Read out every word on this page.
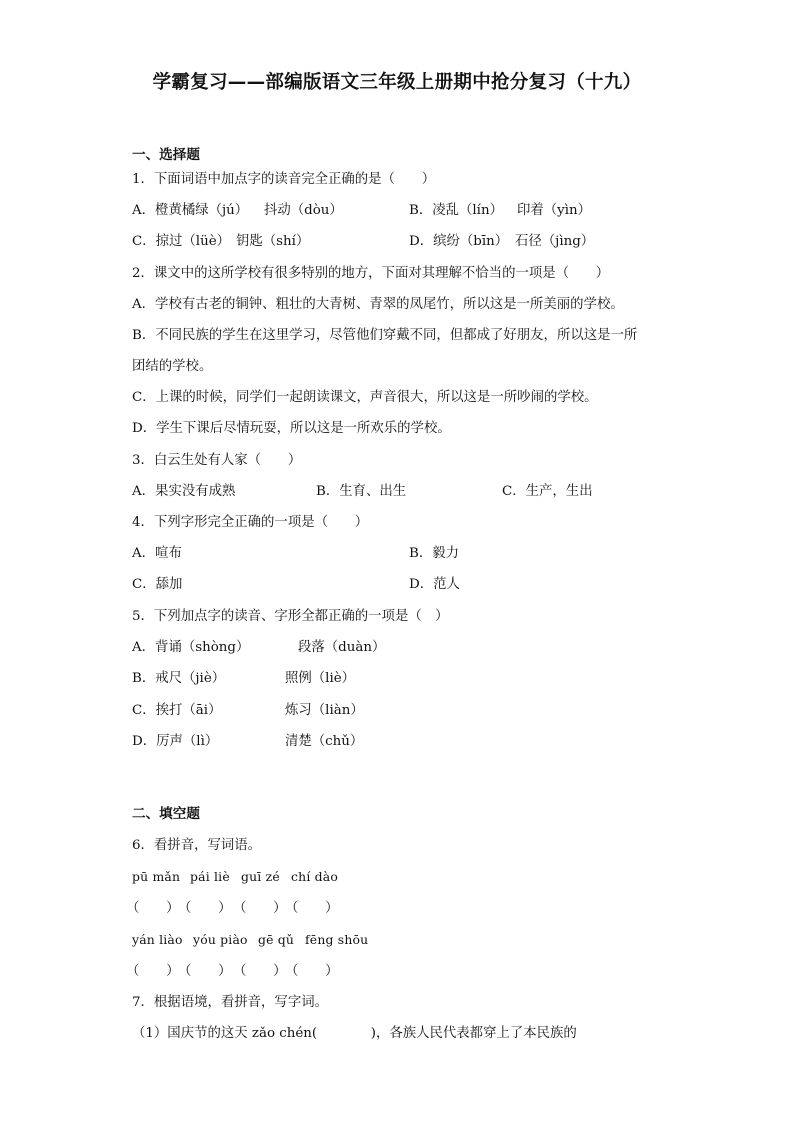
学霸复习——部编版语文三年级上册期中抢分复习（十九）
一、选择题
1．下面词语中加点字的读音完全正确的是（　　）
A．橙黄橘绿（jú） 抖动（dòu）	B．凌乱（lín） 印着（yìn）
C．掠过（lüè） 钥匙（shí）	D．缤纷（bīn） 石径（jìng）
2．课文中的这所学校有很多特别的地方，下面对其理解不恰当的一项是（　　）
A．学校有古老的铜钟、粗壮的大青树、青翠的凤尾竹，所以这是一所美丽的学校。
B．不同民族的学生在这里学习，尽管他们穿戴不同，但都成了好朋友，所以这是一所
团结的学校。
C．上课的时候，同学们一起朗读课文，声音很大，所以这是一所吵闹的学校。
D．学生下课后尽情玩耍，所以这是一所欢乐的学校。
3．白云生处有人家（　　）
A．果实没有成熟	B．生育、出生	C．生产，生出
4．下列字形完全正确的一项是（　　）
A．喧布	B．毅力
C．舔加	D．范人
5．下列加点字的读音、字形全都正确的一项是（　）
A．背诵（shòng）	段落（duàn）
B．戒尺（jiè）	照例（liè）
C．挨打（āi）	炼习（liàn）
D．厉声（lì）	清楚（chǔ）
二、填空题
6．看拼音，写词语。
pū mǎn pái liè guī zé chí dào
（　　）
（　　） （　　）
（　　）
yán liào yóu piào gē qǔ fēng shōu
（　　）
（　　） （　　）
（　　）
7．根据语境，看拼音，写字词。
（1）国庆节的这天 zǎo chén(　　　　)，各族人民代表都穿上了本民族的
